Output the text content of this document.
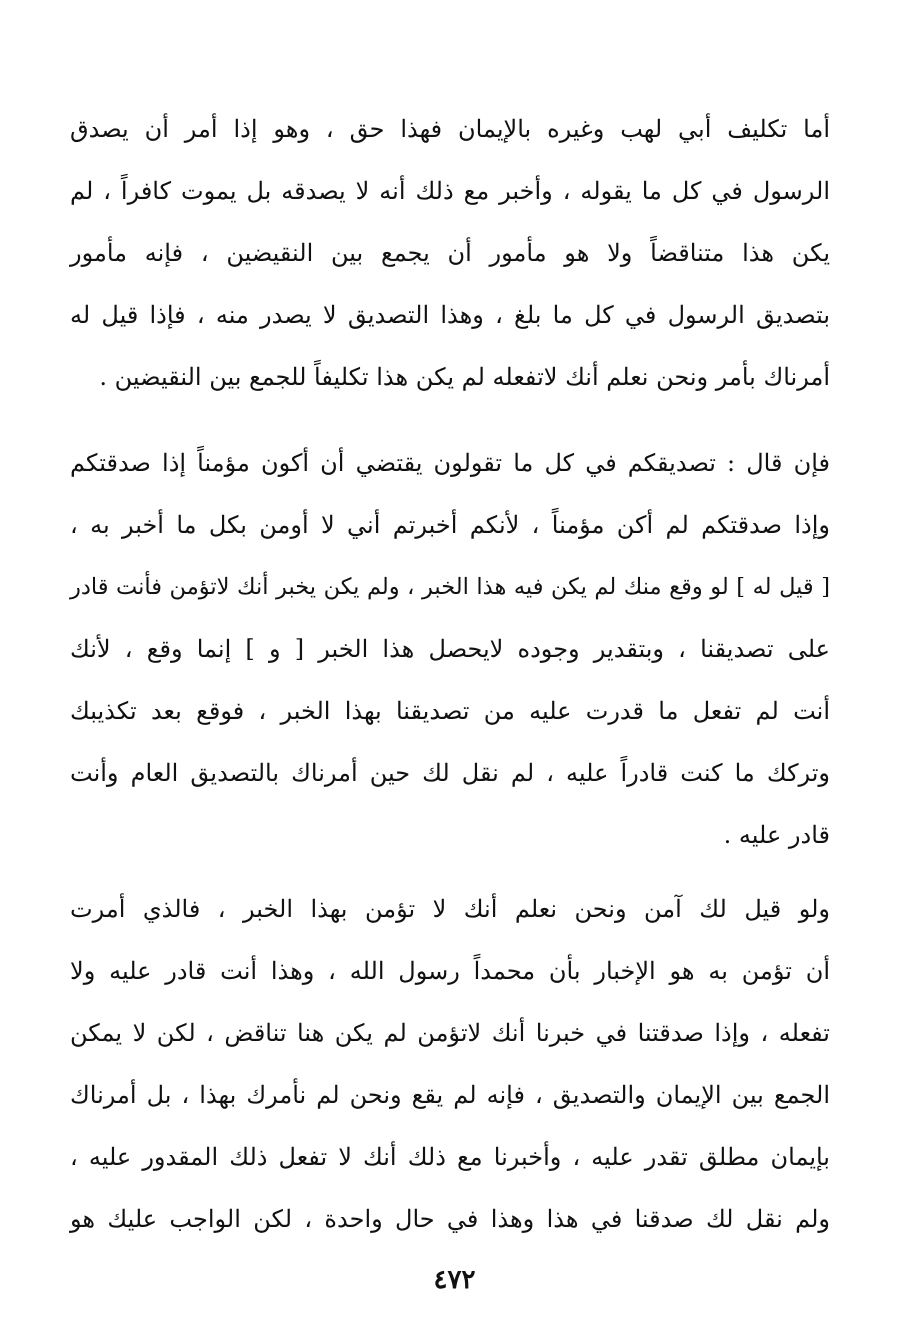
أما تكليف أبي لهب وغيره بالإيمان فهذا حق ، وهو إذا أمر أن يصدق
الرسول في كل ما يقوله ، وأخبر مع ذلك أنه لا يصدقه بل يموت كافراً ، لم
يكن هذا متناقضاً ولا هو مأمور أن يجمع بين النقيضين ، فإنه مأمور
بتصديق الرسول في كل ما بلغ ، وهذا التصديق لا يصدر منه ، فإذا قيل له
أمرناك بأمر ونحن نعلم أنك لاتفعله لم يكن هذا تكليفاً للجمع بين النقيضين .
فإن قال : تصديقكم في كل ما تقولون يقتضي أن أكون مؤمناً إذا صدقتكم
وإذا صدقتكم لم أكن مؤمناً ، لأنكم أخبرتم أني لا أومن بكل ما أخبر به ،
[ قيل له ] لو وقع منك لم يكن فيه هذا الخبر ، ولم يكن يخبر أنك لاتؤمن فأنت قادر
على تصديقنا ، وبتقدير وجوده لايحصل هذا الخبر [ و ] إنما وقع ، لأنك
أنت لم تفعل ما قدرت عليه من تصديقنا بهذا الخبر ، فوقع بعد تكذيبك
وتركك ما كنت قادراً عليه ، لم نقل لك حين أمرناك بالتصديق العام وأنت
قادر عليه .
ولو قيل لك آمن ونحن نعلم أنك لا تؤمن بهذا الخبر ، فالذي أمرت
أن تؤمن به هو الإخبار بأن محمداً رسول الله ، وهذا أنت قادر عليه ولا
تفعله ، وإذا صدقتنا في خبرنا أنك لاتؤمن لم يكن هنا تناقض ، لكن لا يمكن
الجمع بين الإيمان والتصديق ، فإنه لم يقع ونحن لم نأمرك بهذا ، بل أمرناك
بإيمان مطلق تقدر عليه ، وأخبرنا مع ذلك أنك لا تفعل ذلك المقدور عليه ،
ولم نقل لك صدقنا في هذا وهذا في حال واحدة ، لكن الواجب عليك هو
٤٧٢
